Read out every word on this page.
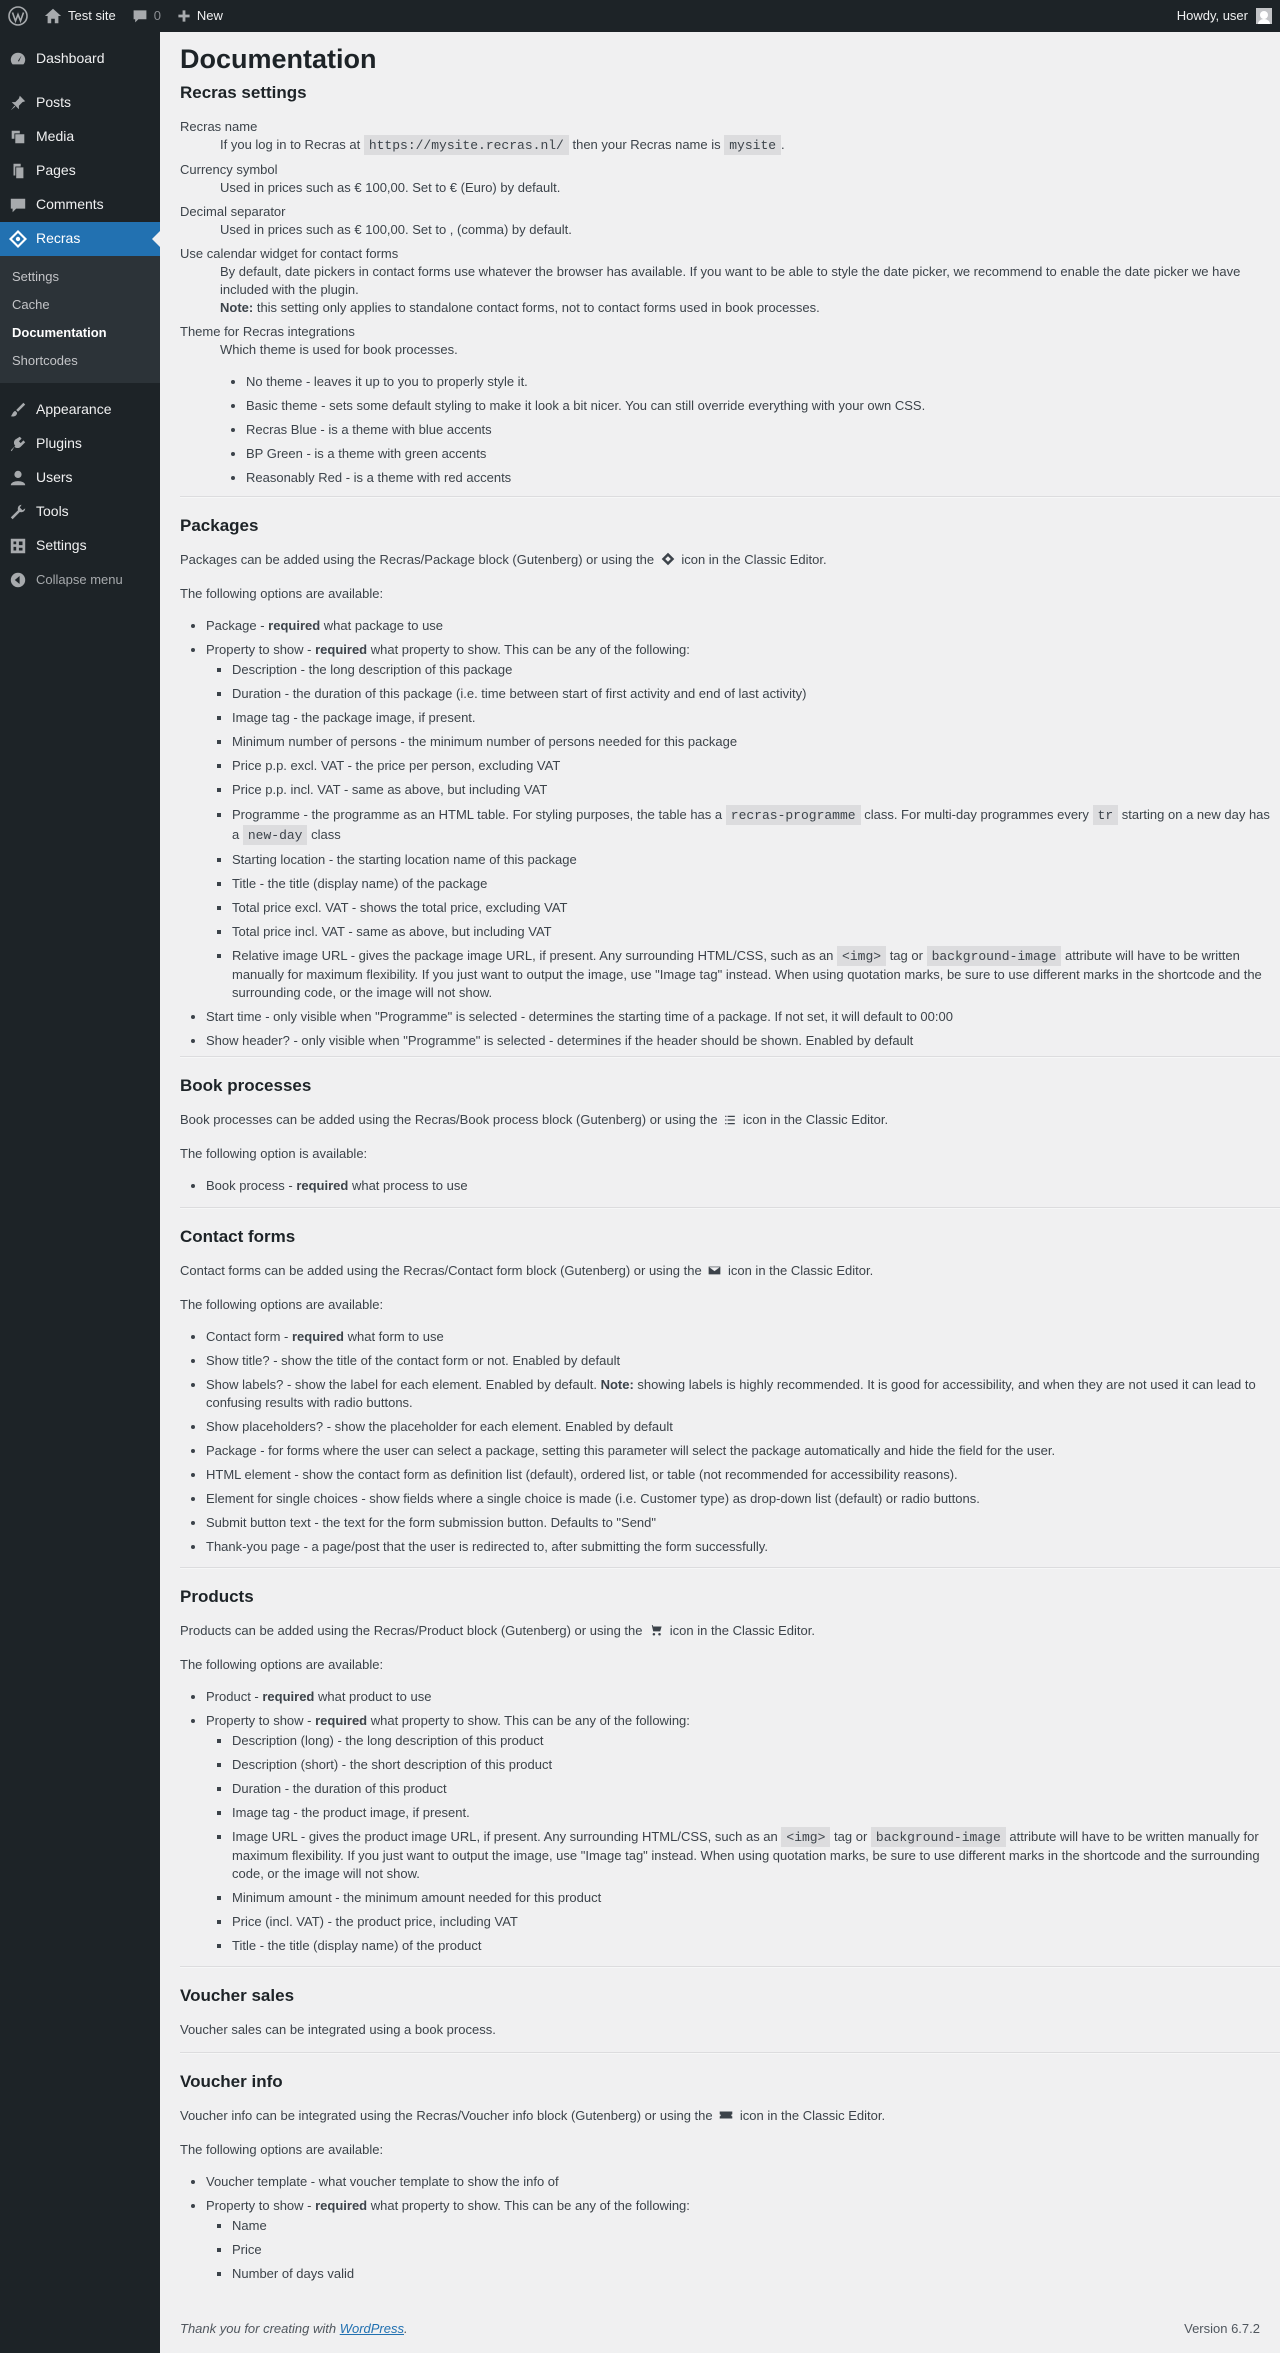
Test site	0	New	Howdy, user
Dashboard
Posts
Media
Pages
Comments
Recras
Settings
Cache
Documentation
Shortcodes
Appearance
Plugins
Users
Tools
Settings
Collapse menu
Documentation
Recras settings
Recras name
If you log in to Recras at https://mysite.recras.nl/ then your Recras name is mysite .
Currency symbol
Used in prices such as € 100,00. Set to € (Euro) by default.
Decimal separator
Used in prices such as € 100,00. Set to , (comma) by default.
Use calendar widget for contact forms
By default, date pickers in contact forms use whatever the browser has available. If you want to be able to style the date picker, we recommend to enable the date picker we have included with the plugin.
Note: this setting only applies to standalone contact forms, not to contact forms used in book processes.
Theme for Recras integrations
Which theme is used for book processes.
• No theme - leaves it up to you to properly style it.
• Basic theme - sets some default styling to make it look a bit nicer. You can still override everything with your own CSS.
• Recras Blue - is a theme with blue accents
• BP Green - is a theme with green accents
• Reasonably Red - is a theme with red accents
Packages

Packages can be added using the Recras/Package block (Gutenberg) or using the icon in the Classic Editor.

The following options are available:

• Package - required what package to use
• Property to show - required what property to show. This can be any of the following:
▪ Description - the long description of this package
▪ Duration - the duration of this package (i.e. time between start of first activity and end of last activity)
▪ Image tag - the package image, if present.
▪ Minimum number of persons - the minimum number of persons needed for this package
▪ Price p.p. excl. VAT - the price per person, excluding VAT
▪ Price p.p. incl. VAT - same as above, but including VAT
▪ Programme - the programme as an HTML table. For styling purposes, the table has a recras-programme class. For multi-day programmes every tr starting on a new day has a new-day class
▪ Starting location - the starting location name of this package
▪ Title - the title (display name) of the package
▪ Total price excl. VAT - shows the total price, excluding VAT
▪ Total price incl. VAT - same as above, but including VAT
▪ Relative image URL - gives the package image URL, if present. Any surrounding HTML/CSS, such as an <img> tag or background-image attribute will have to be written manually for maximum flexibility. If you just want to output the image, use "Image tag" instead. When using quotation marks, be sure to use different marks in the shortcode and the surrounding code, or the image will not show.
• Start time - only visible when "Programme" is selected - determines the starting time of a package. If not set, it will default to 00:00
• Show header? - only visible when "Programme" is selected - determines if the header should be shown. Enabled by default
Book processes

Book processes can be added using the Recras/Book process block (Gutenberg) or using the icon in the Classic Editor.

The following option is available:

• Book process - required what process to use
Contact forms

Contact forms can be added using the Recras/Contact form block (Gutenberg) or using the icon in the Classic Editor.

The following options are available:

• Contact form - required what form to use
• Show title? - show the title of the contact form or not. Enabled by default
• Show labels? - show the label for each element. Enabled by default. Note: showing labels is highly recommended. It is good for accessibility, and when they are not used it can lead to confusing results with radio buttons.
• Show placeholders? - show the placeholder for each element. Enabled by default
• Package - for forms where the user can select a package, setting this parameter will select the package automatically and hide the field for the user.
• HTML element - show the contact form as definition list (default), ordered list, or table (not recommended for accessibility reasons).
• Element for single choices - show fields where a single choice is made (i.e. Customer type) as drop-down list (default) or radio buttons.
• Submit button text - the text for the form submission button. Defaults to "Send"
• Thank-you page - a page/post that the user is redirected to, after submitting the form successfully.
Products

Products can be added using the Recras/Product block (Gutenberg) or using the icon in the Classic Editor.

The following options are available:

• Product - required what product to use
• Property to show - required what property to show. This can be any of the following:
▪ Description (long) - the long description of this product
▪ Description (short) - the short description of this product
▪ Duration - the duration of this product
▪ Image tag - the product image, if present.
▪ Image URL - gives the product image URL, if present. Any surrounding HTML/CSS, such as an <img> tag or background-image attribute will have to be written manually for maximum flexibility. If you just want to output the image, use "Image tag" instead. When using quotation marks, be sure to use different marks in the shortcode and the surrounding code, or the image will not show.
▪ Minimum amount - the minimum amount needed for this product
▪ Price (incl. VAT) - the product price, including VAT
▪ Title - the title (display name) of the product
Voucher sales

Voucher sales can be integrated using a book process.

Voucher info

Voucher info can be integrated using the Recras/Voucher info block (Gutenberg) or using the icon in the Classic Editor.

The following options are available:

• Voucher template - what voucher template to show the info of
• Property to show - required what property to show. This can be any of the following:
▪ Name
▪ Price
▪ Number of days valid
Thank you for creating with WordPress.	Version 6.7.2
